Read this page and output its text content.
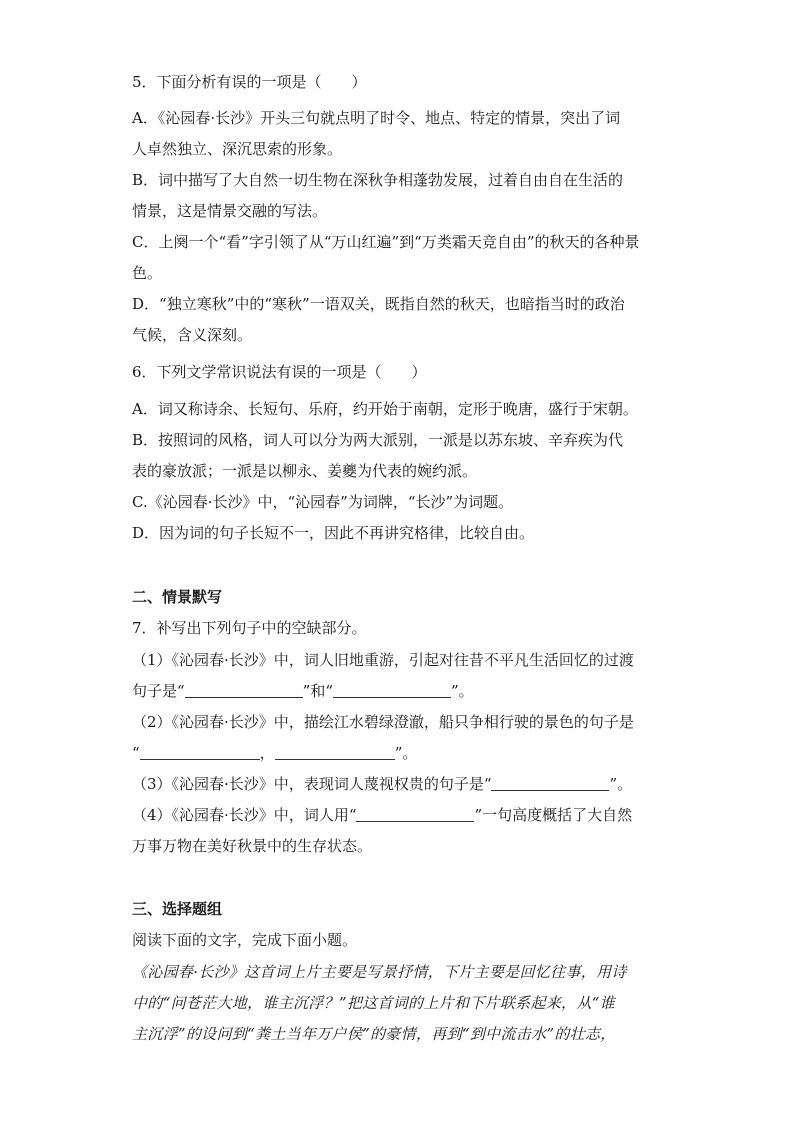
5．下面分析有误的一项是（　　）
A．《沁园春·长沙》开头三句就点明了时令、地点、特定的情景，突出了词
人卓然独立、深沉思索的形象。
B．词中描写了大自然一切生物在深秋争相蓬勃发展，过着自由自在生活的
情景，这是情景交融的写法。
C．上阕一个“看”字引领了从“万山红遍”到“万类霜天竞自由”的秋天的各种景
色。
D．“独立寒秋”中的“寒秋”一语双关，既指自然的秋天，也暗指当时的政治
气候，含义深刻。
6．下列文学常识说法有误的一项是（　　）
A．词又称诗余、长短句、乐府，约开始于南朝，定形于晚唐，盛行于宋朝。
B．按照词的风格，词人可以分为两大派别，一派是以苏东坡、辛弃疾为代
表的豪放派；一派是以柳永、姜夔为代表的婉约派。
C.《沁园春·长沙》中，“沁园春”为词牌，“长沙”为词题。
D．因为词的句子长短不一，因此不再讲究格律，比较自由。
二、情景默写
7．补写出下列句子中的空缺部分。
（1）《沁园春·长沙》中，词人旧地重游，引起对往昔不平凡生活回忆的过渡
句子是“	”和“	”。
（2）《沁园春·长沙》中，描绘江水碧绿澄澈，船只争相行驶的景色的句子是
“	，	”。
（3）《沁园春·长沙》中，表现词人蔑视权贵的句子是“	”。
（4）《沁园春·长沙》中，词人用“	”一句高度概括了大自然
万事万物在美好秋景中的生存状态。
三、选择题组
阅读下面的文字，完成下面小题。
《沁园春·长沙》这首词上片主要是写景抒情，下片主要是回忆往事，用诗
中的“问苍茫大地，谁主沉浮？”把这首词的上片和下片联系起来，从“谁
主沉浮”的设问到“粪土当年万户侯”的豪情，再到“到中流击水”的壮志，
